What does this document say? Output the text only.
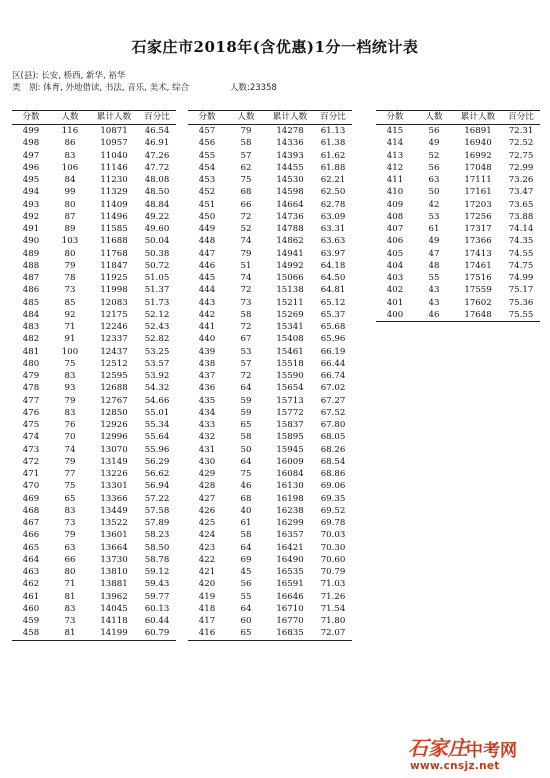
石家庄市2018年(含优惠)1分一档统计表
区(县): 长安, 桥西, 新华, 裕华
类　别: 体育, 外地借读, 书法, 音乐, 美术, 综合	人数:23358
分数	人数	累计人数	百分比
499	116	10871	46.54
498	86	10957	46.91
497	83	11040	47.26
496	106	11146	47.72
495	84	11230	48.08
494	99	11329	48.50
493	80	11409	48.84
492	87	11496	49.22
491	89	11585	49.60
490	103	11688	50.04
489	80	11768	50.38
488	79	11847	50.72
487	78	11925	51.05
486	73	11998	51.37
485	85	12083	51.73
484	92	12175	52.12
483	71	12246	52.43
482	91	12337	52.82
481	100	12437	53.25
480	75	12512	53.57
479	83	12595	53.92
478	93	12688	54.32
477	79	12767	54.66
476	83	12850	55.01
475	76	12926	55.34
474	70	12996	55.64
473	74	13070	55.96
472	79	13149	56.29
471	77	13226	56.62
470	75	13301	56.94
469	65	13366	57.22
468	83	13449	57.58
467	73	13522	57.89
466	79	13601	58.23
465	63	13664	58.50
464	66	13730	58.78
463	80	13810	59.12
462	71	13881	59.43
461	81	13962	59.77
460	83	14045	60.13
459	73	14118	60.44
458	81	14199	60.79
分数	人数	累计人数	百分比
457	79	14278	61.13
456	58	14336	61.38
455	57	14393	61.62
454	62	14455	61.88
453	75	14530	62.21
452	68	14598	62.50
451	66	14664	62.78
450	72	14736	63.09
449	52	14788	63.31
448	74	14862	63.63
447	79	14941	63.97
446	51	14992	64.18
445	74	15066	64.50
444	72	15138	64.81
443	73	15211	65.12
442	58	15269	65.37
441	72	15341	65.68
440	67	15408	65.96
439	53	15461	66.19
438	57	15518	66.44
437	72	15590	66.74
436	64	15654	67.02
435	59	15713	67.27
434	59	15772	67.52
433	65	15837	67.80
432	58	15895	68.05
431	50	15945	68.26
430	64	16009	68.54
429	75	16084	68.86
428	46	16130	69.06
427	68	16198	69.35
426	40	16238	69.52
425	61	16299	69.78
424	58	16357	70.03
423	64	16421	70.30
422	69	16490	70.60
421	45	16535	70.79
420	56	16591	71.03
419	55	16646	71.26
418	64	16710	71.54
417	60	16770	71.80
416	65	16835	72.07
分数	人数	累计人数	百分比
415	56	16891	72.31
414	49	16940	72.52
413	52	16992	72.75
412	56	17048	72.99
411	63	17111	73.26
410	50	17161	73.47
409	42	17203	73.65
408	53	17256	73.88
407	61	17317	74.14
406	49	17366	74.35
405	47	17413	74.55
404	48	17461	74.75
403	55	17516	74.99
402	43	17559	75.17
401	43	17602	75.36
400	46	17648	75.55
石家庄
中考网
www.cnsjz.net
